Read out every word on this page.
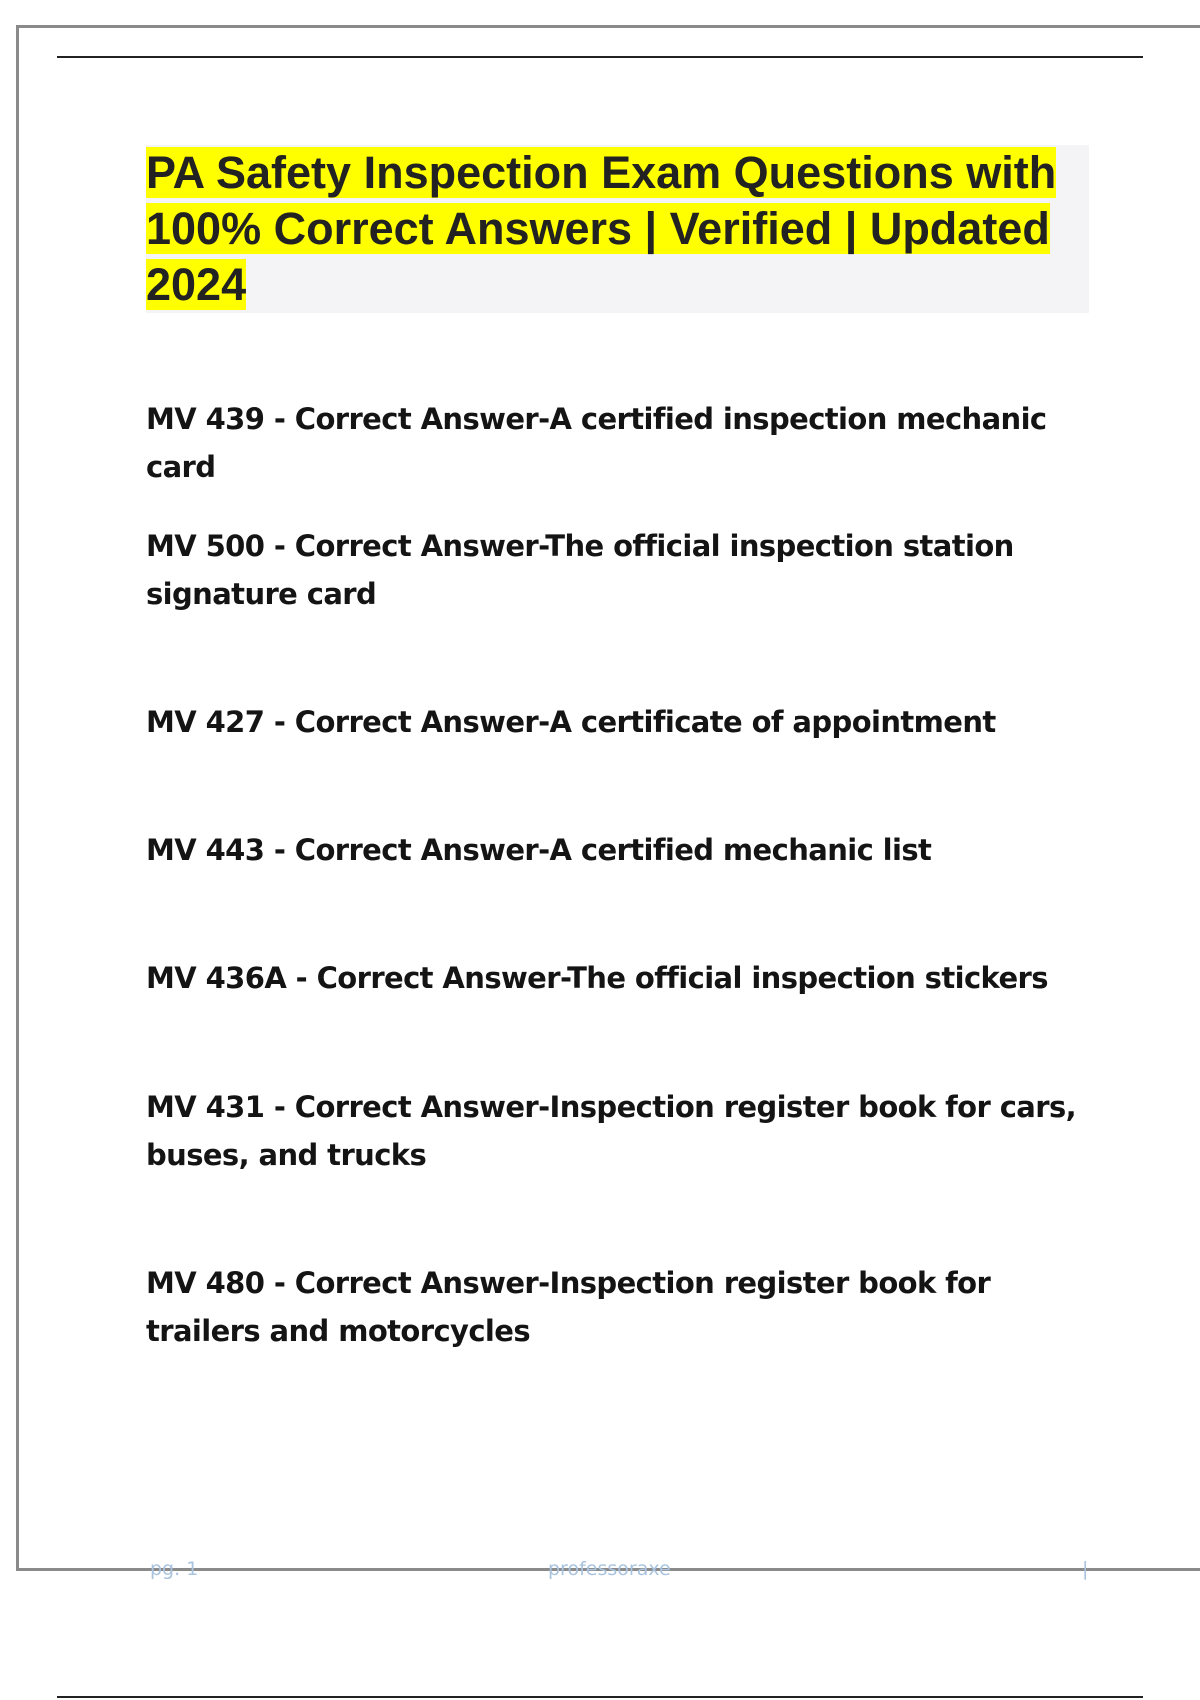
PA Safety Inspection Exam Questions with 100% Correct Answers | Verified | Updated 2024
MV 439 - Correct Answer-A certified inspection mechanic card
MV 500 - Correct Answer-The official inspection station signature card
MV 427 - Correct Answer-A certificate of appointment
MV 443 - Correct Answer-A certified mechanic list
MV 436A - Correct Answer-The official inspection stickers
MV 431 - Correct Answer-Inspection register book for cars, buses, and trucks
MV 480 - Correct Answer-Inspection register book for trailers and motorcycles
pg. 1	professoraxe	|
